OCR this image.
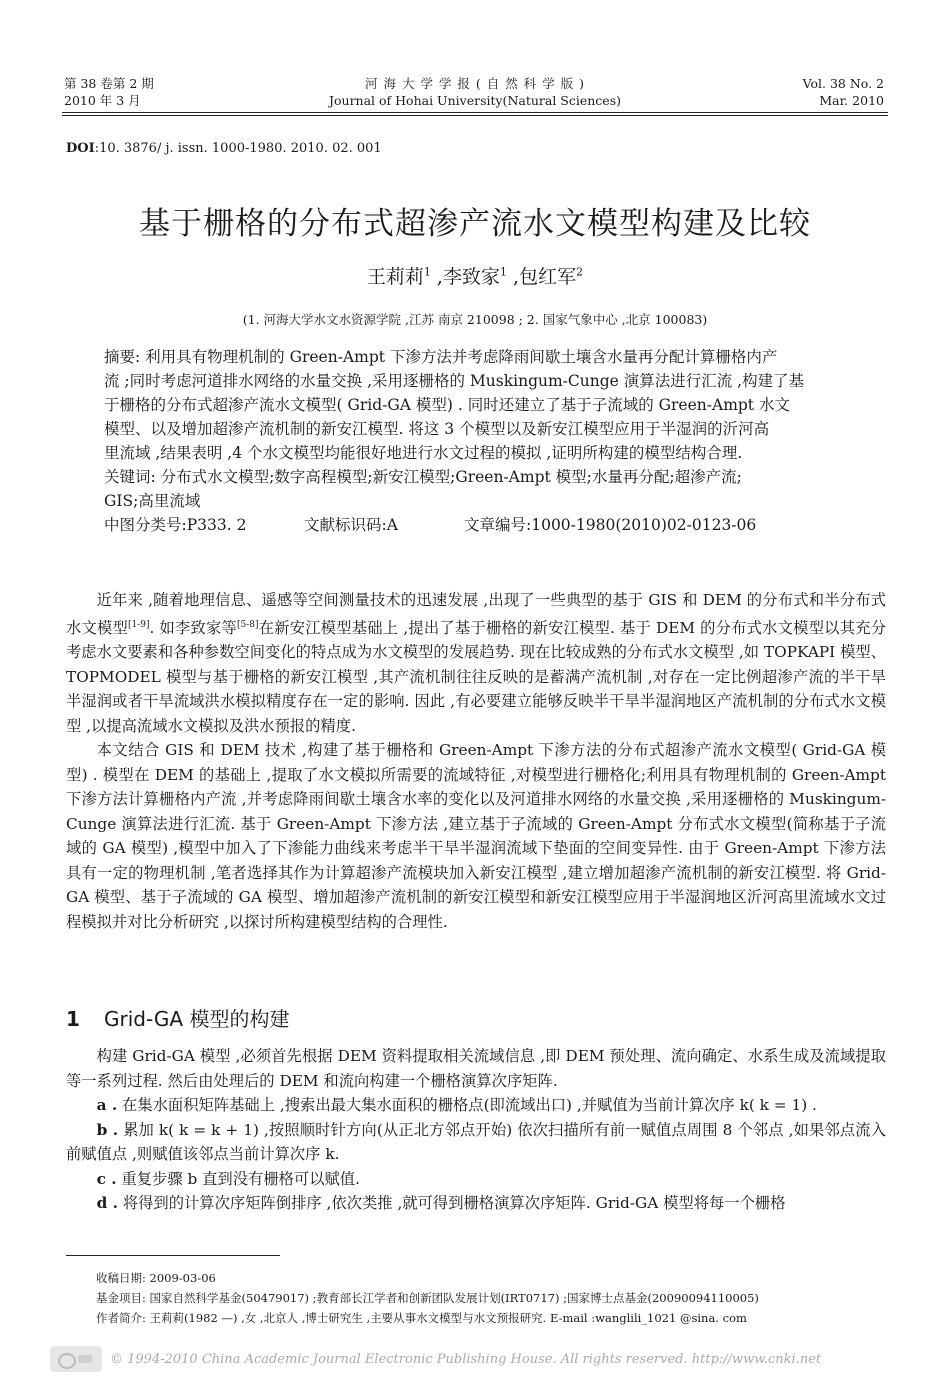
第 38 卷第 2 期
2010 年 3 月
河 海 大 学 学 报 ( 自 然 科 学 版 )
Journal of Hohai University(Natural Sciences)
Vol. 38 No. 2
Mar. 2010
DOI:10. 3876/ j. issn. 1000-1980. 2010. 02. 001
基于栅格的分布式超渗产流水文模型构建及比较
王莉莉$^1$ ,李致家$^1$ ,包红军$^2$
(1. 河海大学水文水资源学院 ,江苏 南京 210098 ; 2. 国家气象中心 ,北京 100083)

摘要: 利用具有物理机制的 Green-Ampt 下渗方法并考虑降雨间歇土壤含水量再分配计算栅格内产

流 ;同时考虑河道排水网络的水量交换 ,采用逐栅格的 Muskingum-Cunge 演算法进行汇流 ,构建了基

于栅格的分布式超渗产流水文模型( Grid-GA 模型) . 同时还建立了基于子流域的 Green-Ampt 水文

模型、以及增加超渗产流机制的新安江模型. 将这 3 个模型以及新安江模型应用于半湿润的沂河高

里流域 ,结果表明 ,4 个水文模型均能很好地进行水文过程的模拟 ,证明所构建的模型结构合理.

关键词: 分布式水文模型;数字高程模型;新安江模型;Green-Ampt 模型;水量再分配;超渗产流;

GIS;高里流域

中图分类号:P333. 2	文献标识码:A	文章编号:1000-1980(2010)02-0123-06

近年来 ,随着地理信息、遥感等空间测量技术的迅速发展 ,出现了一些典型的基于 GIS 和 DEM 的分布式和半分布式水文模型[1-9]. 如李致家等[5-8]在新安江模型基础上 ,提出了基于栅格的新安江模型. 基于 DEM 的分布式水文模型以其充分考虑水文要素和各种参数空间变化的特点成为水文模型的发展趋势. 现在比较成熟的分布式水文模型 ,如 TOPKAPI 模型、TOPMODEL 模型与基于栅格的新安江模型 ,其产流机制往往反映的是蓄满产流机制 ,对存在一定比例超渗产流的半干旱半湿润或者干旱流域洪水模拟精度存在一定的影响. 因此 ,有必要建立能够反映半干旱半湿润地区产流机制的分布式水文模型 ,以提高流域水文模拟及洪水预报的精度.

本文结合 GIS 和 DEM 技术 ,构建了基于栅格和 Green-Ampt 下渗方法的分布式超渗产流水文模型( Grid-GA 模型) . 模型在 DEM 的基础上 ,提取了水文模拟所需要的流域特征 ,对模型进行栅格化;利用具有物理机制的 Green-Ampt 下渗方法计算栅格内产流 ,并考虑降雨间歇土壤含水率的变化以及河道排水网络的水量交换 ,采用逐栅格的 Muskingum-Cunge 演算法进行汇流. 基于 Green-Ampt 下渗方法 ,建立基于子流域的 Green-Ampt 分布式水文模型(简称基于子流域的 GA 模型) ,模型中加入了下渗能力曲线来考虑半干旱半湿润流域下垫面的空间变异性. 由于 Green-Ampt 下渗方法具有一定的物理机制 ,笔者选择其作为计算超渗产流模块加入新安江模型 ,建立增加超渗产流机制的新安江模型. 将 Grid-GA 模型、基于子流域的 GA 模型、增加超渗产流机制的新安江模型和新安江模型应用于半湿润地区沂河高里流域水文过程模拟并对比分析研究 ,以探讨所构建模型结构的合理性.

1 Grid-GA 模型的构建

构建 Grid-GA 模型 ,必须首先根据 DEM 资料提取相关流域信息 ,即 DEM 预处理、流向确定、水系生成及流域提取等一系列过程. 然后由处理后的 DEM 和流向构建一个栅格演算次序矩阵.

a . 在集水面积矩阵基础上 ,搜索出最大集水面积的栅格点(即流域出口) ,并赋值为当前计算次序 k( k = 1) .

b . 累加 k( k = k + 1) ,按照顺时针方向(从正北方邻点开始) 依次扫描所有前一赋值点周围 8 个邻点 ,如果邻点流入前赋值点 ,则赋值该邻点当前计算次序 k.

c . 重复步骤 b 直到没有栅格可以赋值.

d . 将得到的计算次序矩阵倒排序 ,依次类推 ,就可得到栅格演算次序矩阵. Grid-GA 模型将每一个栅格

收稿日期: 2009-03-06
基金项目: 国家自然科学基金(50479017) ;教育部长江学者和创新团队发展计划(IRT0717) ;国家博士点基金(20090094110005)
作者简介: 王莉莉(1982 —) ,女 ,北京人 ,博士研究生 ,主要从事水文模型与水文预报研究. E-mail :wanglili_1021 @sina. com
© 1994-2010 China Academic Journal Electronic Publishing House. All rights reserved. http://www.cnki.net
